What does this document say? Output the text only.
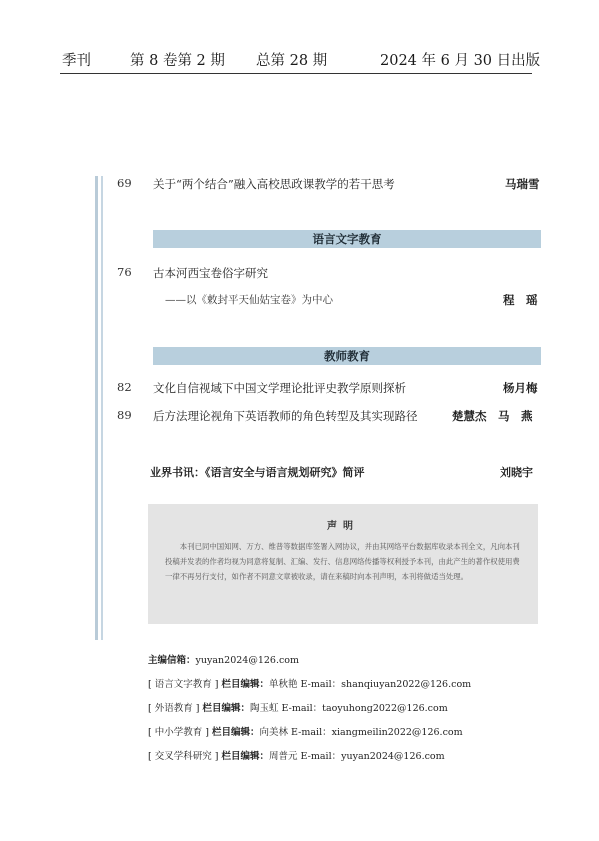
季刊	第 8 卷第 2 期 总第 28 期	2024 年 6 月 30 日出版
69 关于“两个结合”融入高校思政课教学的若干思考	马瑞雪
语言文字教育
76 古本河西宝卷俗字研究
——以《敕封平天仙姑宝卷》为中心	程　瑶
教师教育
82 文化自信视域下中国文学理论批评史教学原则探析	杨月梅
89 后方法理论视角下英语教师的角色转型及其实现路径	楚慧杰　马　燕
业界书讯：《语言安全与语言规划研究》简评	刘晓宇
声明
本刊已同中国知网、万方、维普等数据库签署入网协议，并由其网络平台数据库收录本刊全文，凡向本刊投稿并发表的作者均视为同意将复制、汇编、发行、信息网络传播等权利授予本刊，由此产生的著作权使用费一律不再另行支付，如作者不同意文章被收录，请在来稿时向本刊声明，本刊将做适当处理。
主编信箱：yuyan2024@126.com
[ 语言文字教育 ] 栏目编辑：单秋艳 E-mail：shanqiuyan2022@126.com
[ 外语教育 ] 栏目编辑：陶玉虹 E-mail：taoyuhong2022@126.com
[ 中小学教育 ] 栏目编辑：向美林 E-mail：xiangmeilin2022@126.com
[ 交叉学科研究 ] 栏目编辑：周普元 E-mail：yuyan2024@126.com
